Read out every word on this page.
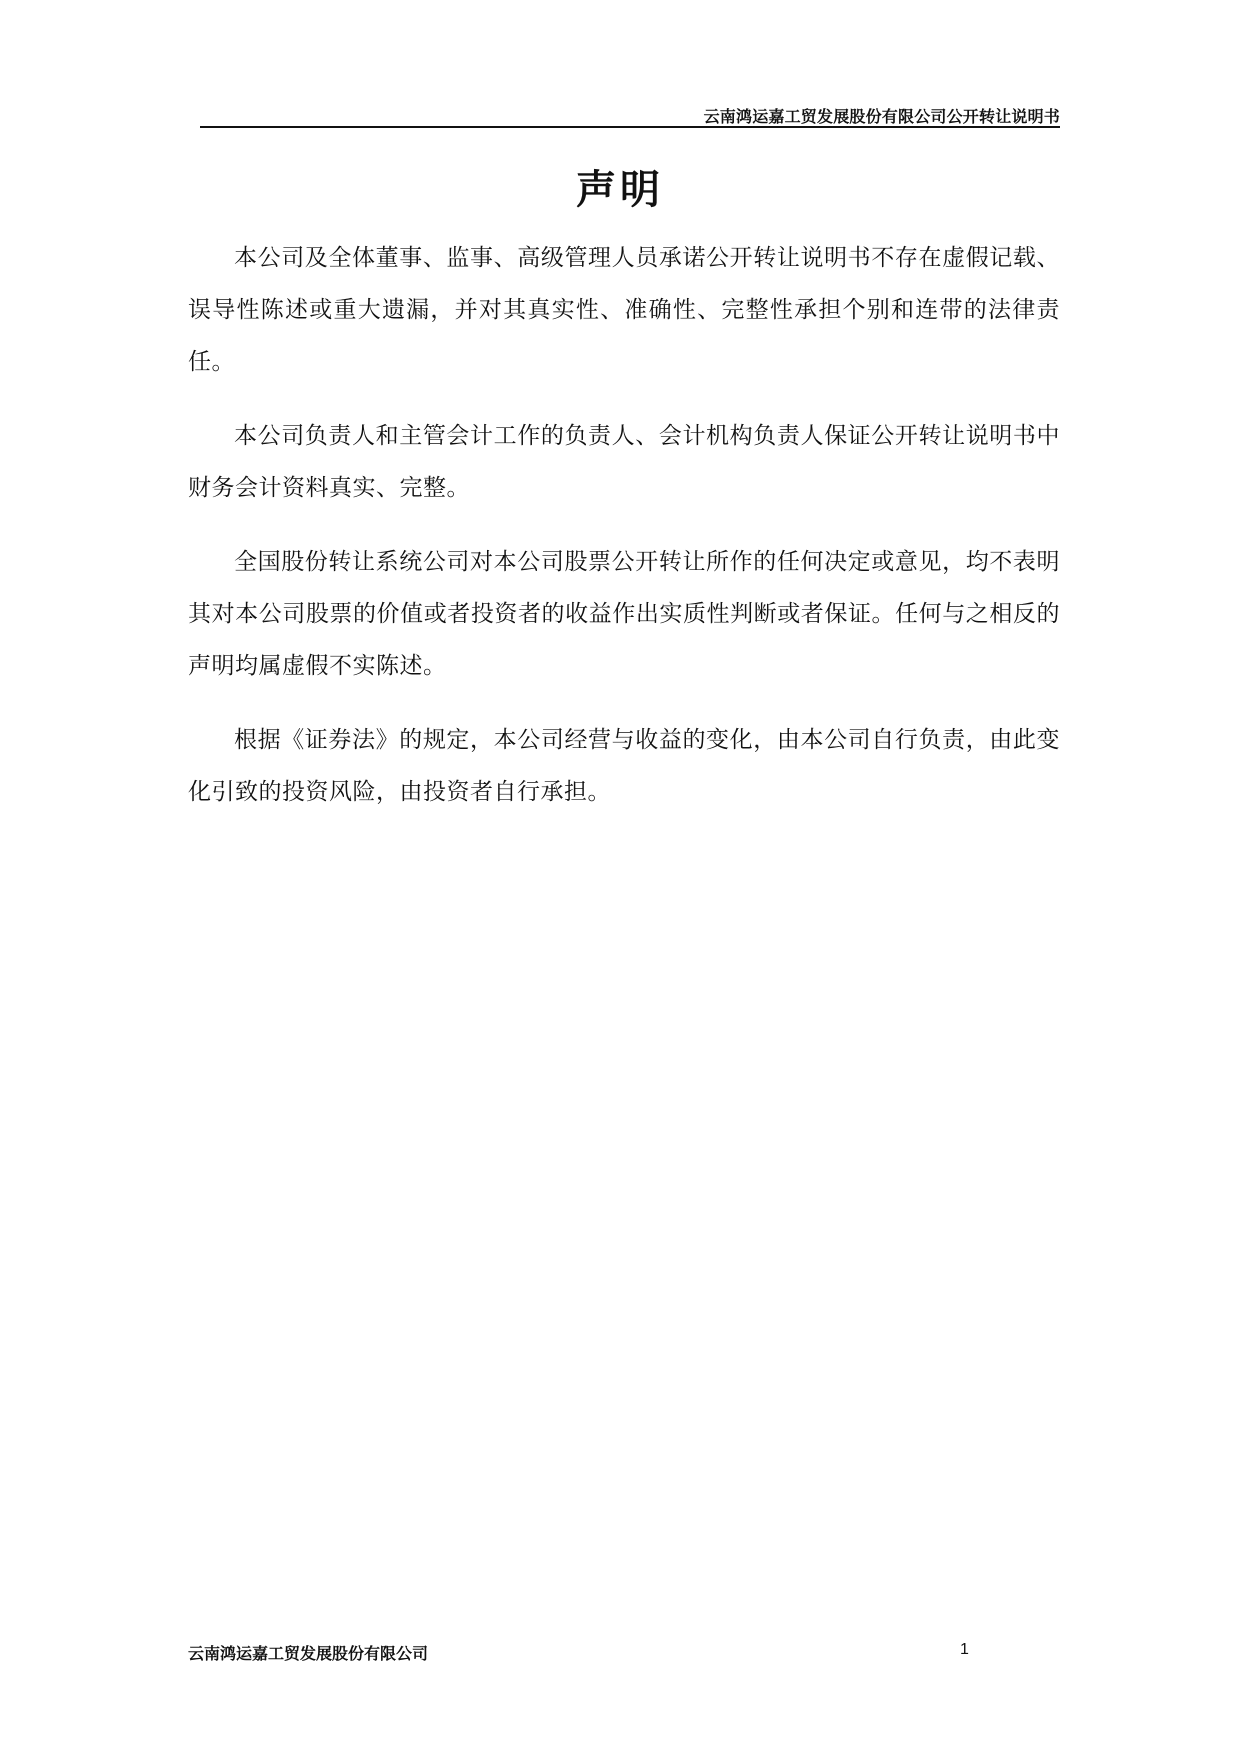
云南鸿运嘉工贸发展股份有限公司公开转让说明书
声明

本公司及全体董事、监事、高级管理人员承诺公开转让说明书不存在虚假记载、误导性陈述或重大遗漏，并对其真实性、准确性、完整性承担个别和连带的法律责任。

本公司负责人和主管会计工作的负责人、会计机构负责人保证公开转让说明书中财务会计资料真实、完整。

全国股份转让系统公司对本公司股票公开转让所作的任何决定或意见，均不表明其对本公司股票的价值或者投资者的收益作出实质性判断或者保证。任何与之相反的声明均属虚假不实陈述。

根据《证券法》的规定，本公司经营与收益的变化，由本公司自行负责，由此变化引致的投资风险，由投资者自行承担。

云南鸿运嘉工贸发展股份有限公司	1
